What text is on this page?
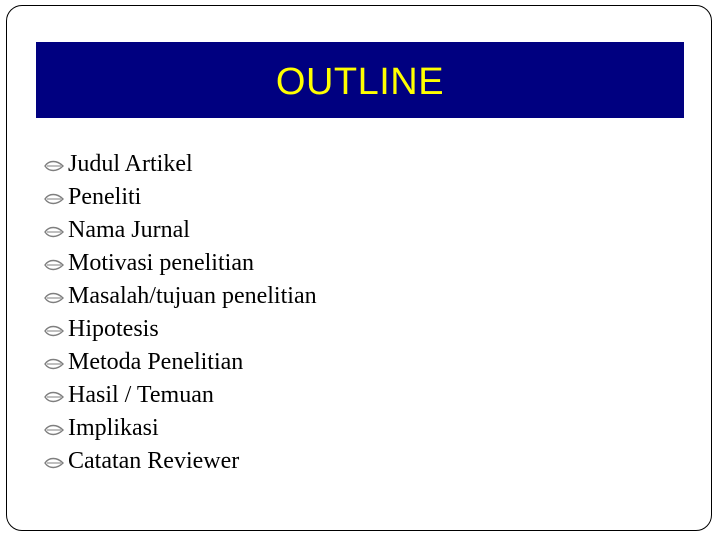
OUTLINE
Judul Artikel
Peneliti
Nama Jurnal
Motivasi penelitian
Masalah/tujuan penelitian
Hipotesis
Metoda Penelitian
Hasil / Temuan
Implikasi
Catatan Reviewer
